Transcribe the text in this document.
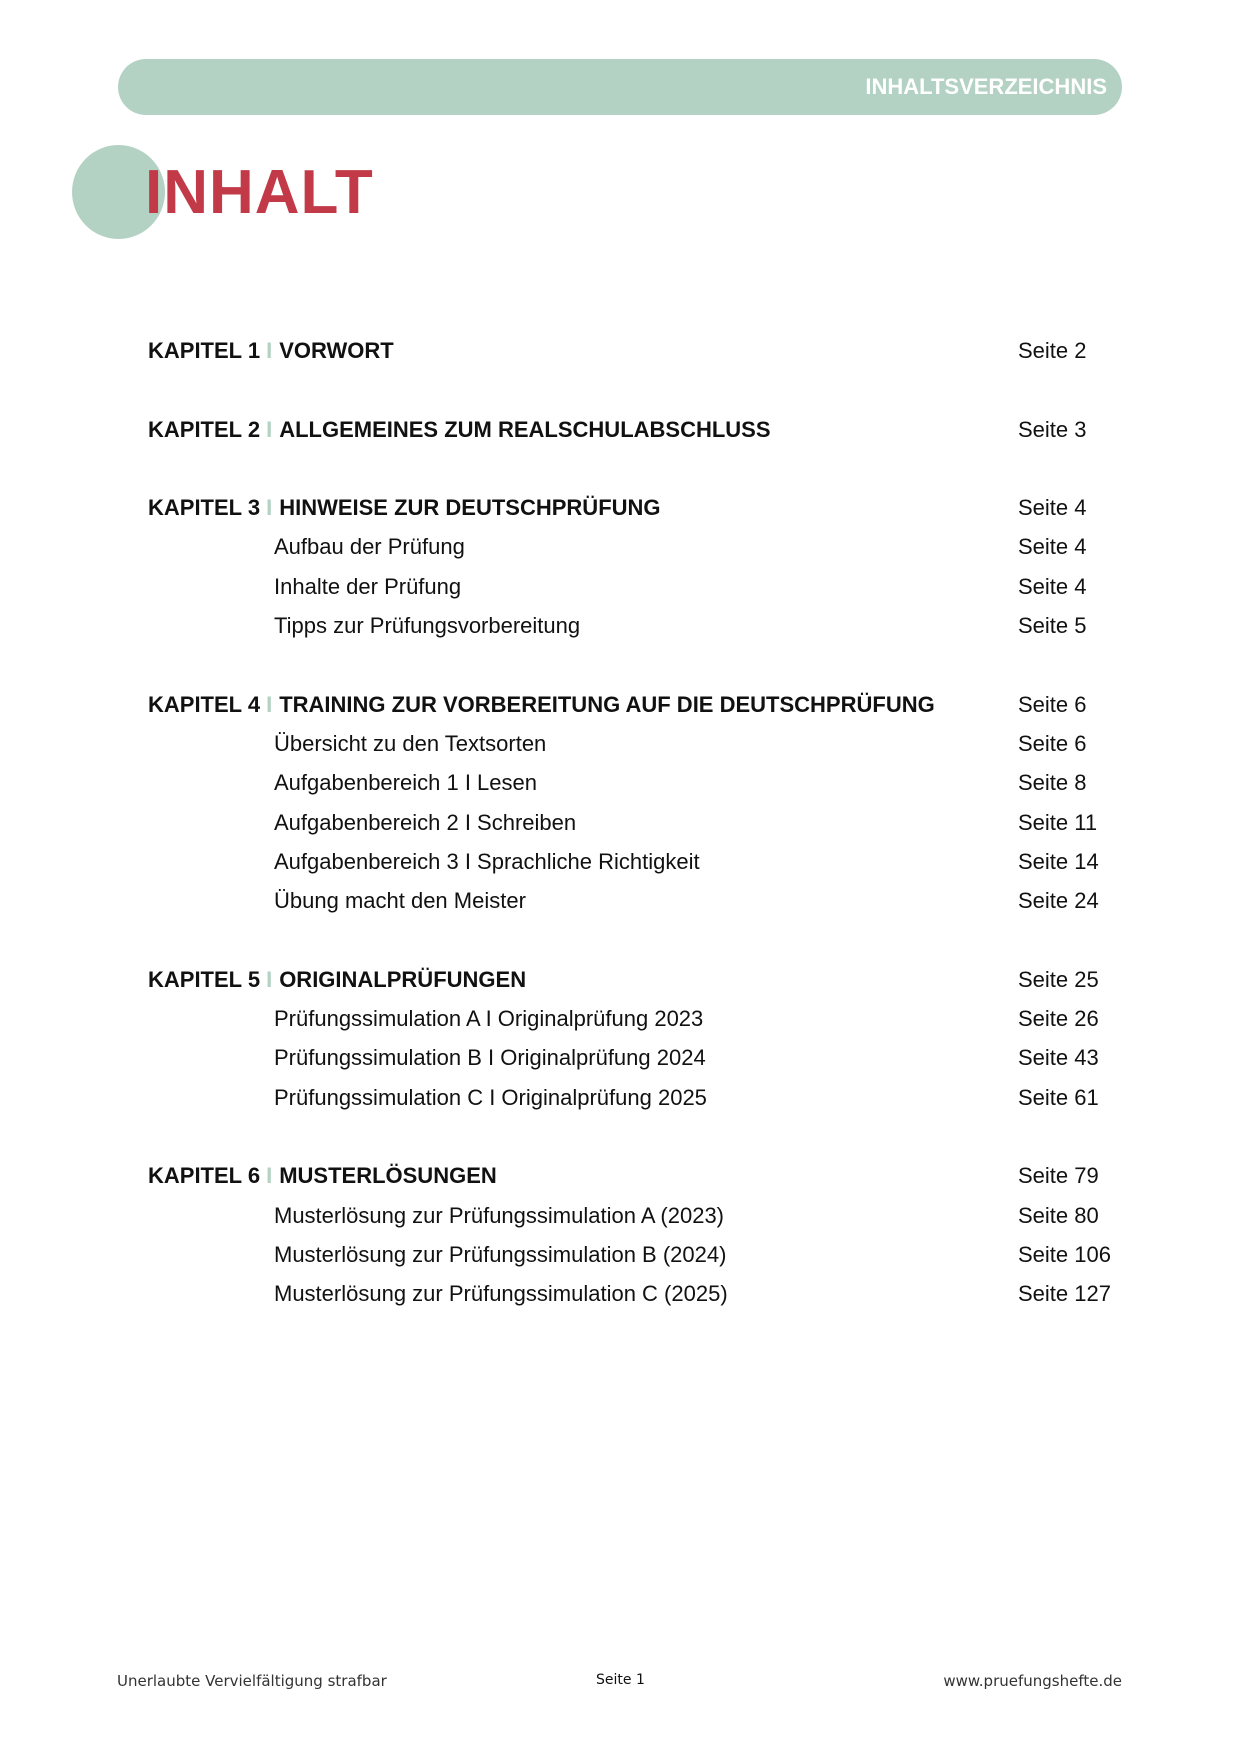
INHALTSVERZEICHNIS
INHALT
KAPITEL 1 I VORWORT	Seite 2
KAPITEL 2 I ALLGEMEINES ZUM REALSCHULABSCHLUSS	Seite 3
KAPITEL 3 I HINWEISE ZUR DEUTSCHPRÜFUNG	Seite 4
Aufbau der Prüfung	Seite 4
Inhalte der Prüfung	Seite 4
Tipps zur Prüfungsvorbereitung	Seite 5
KAPITEL 4 I TRAINING ZUR VORBEREITUNG AUF DIE DEUTSCHPRÜFUNG	Seite 6
Übersicht zu den Textsorten	Seite 6
Aufgabenbereich 1 I Lesen	Seite 8
Aufgabenbereich 2 I Schreiben	Seite 11
Aufgabenbereich 3 I Sprachliche Richtigkeit	Seite 14
Übung macht den Meister	Seite 24
KAPITEL 5 I ORIGINALPRÜFUNGEN	Seite 25
Prüfungssimulation A I Originalprüfung 2023	Seite 26
Prüfungssimulation B I Originalprüfung 2024	Seite 43
Prüfungssimulation C I Originalprüfung 2025	Seite 61
KAPITEL 6 I MUSTERLÖSUNGEN	Seite 79
Musterlösung zur Prüfungssimulation A (2023)	Seite 80
Musterlösung zur Prüfungssimulation B (2024)	Seite 106
Musterlösung zur Prüfungssimulation C (2025)	Seite 127
Unerlaubte Vervielfältigung strafbar	Seite 1	www.pruefungshefte.de
